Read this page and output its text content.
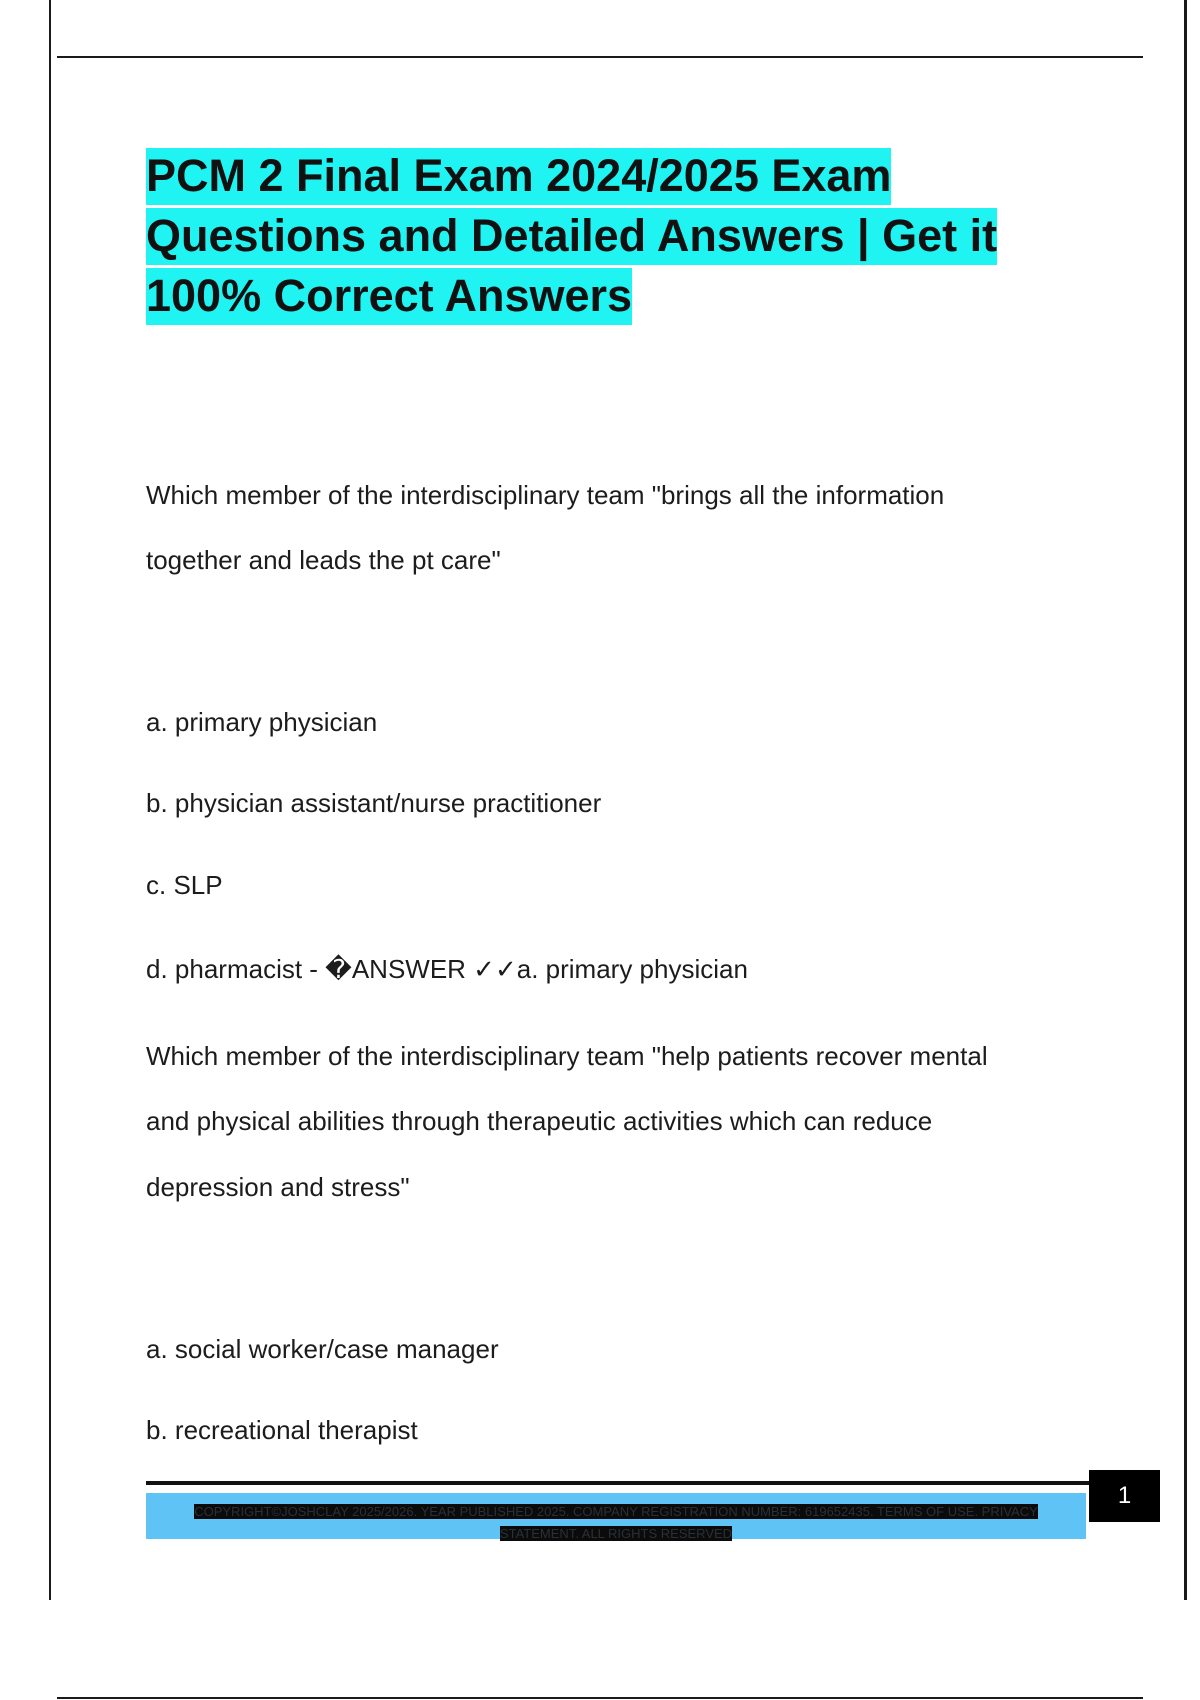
PCM 2 Final Exam 2024/2025 Exam Questions and Detailed Answers | Get it 100% Correct Answers

Which member of the interdisciplinary team "brings all the information

together and leads the pt care"

a. primary physician

b. physician assistant/nurse practitioner

c. SLP

d. pharmacist - �ANSWER ✓✓a. primary physician

Which member of the interdisciplinary team "help patients recover mental

and physical abilities through therapeutic activities which can reduce

depression and stress"

a. social worker/case manager

b. recreational therapist

COPYRIGHT©JOSHCLAY 2025/2026. YEAR PUBLISHED 2025. COMPANY REGISTRATION NUMBER: 619652435. TERMS OF USE. PRIVACY STATEMENT. ALL RIGHTS RESERVED
1
